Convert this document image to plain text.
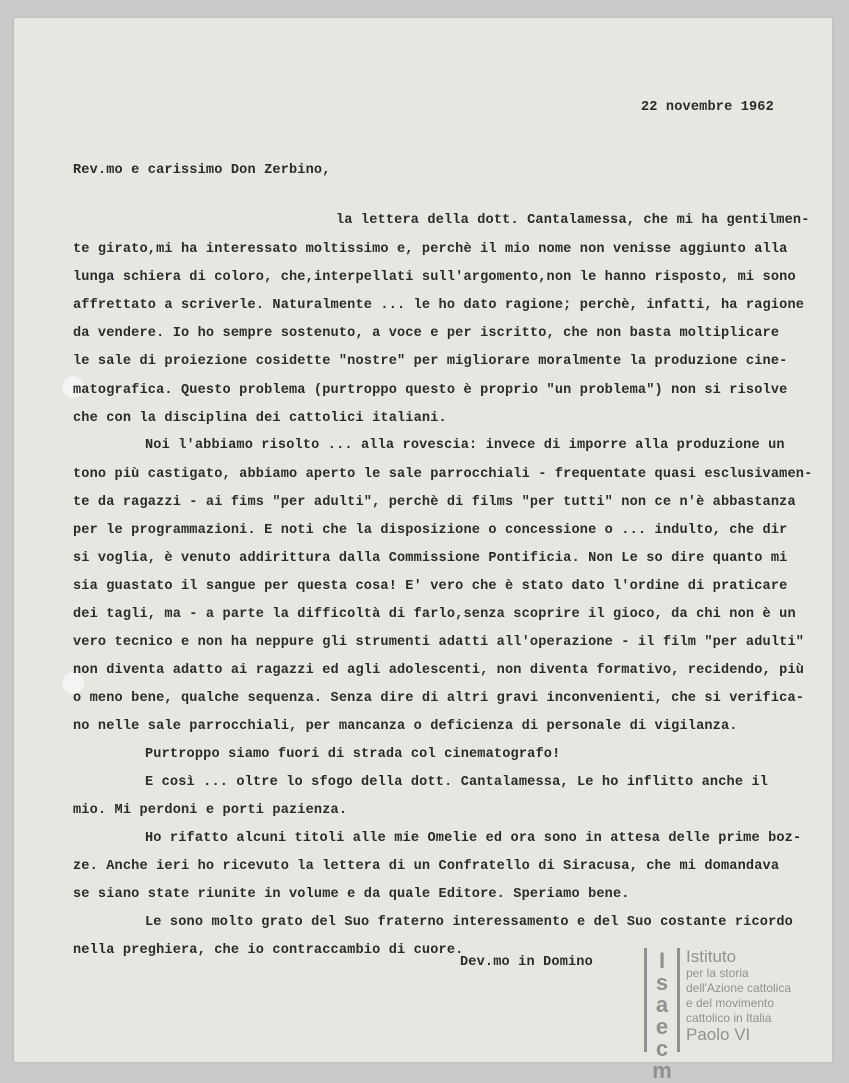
22 novembre 1962
Rev.mo e carissimo Don Zerbino,
la lettera della dott. Cantalamessa, che mi ha gentilmen-
te girato,mi ha interessato moltissimo e, perchè il mio nome non venisse aggiunto alla
lunga schiera di coloro, che,interpellati sull'argomento,non le hanno risposto, mi sono
affrettato a scriverle. Naturalmente ... le ho dato ragione; perchè, infatti, ha ragione
da vendere. Io ho sempre sostenuto, a voce e per iscritto, che non basta moltiplicare
le sale di proiezione cosidette "nostre" per migliorare moralmente la produzione cine-
matografica. Questo problema (purtroppo questo è proprio "un problema") non si risolve
che con la disciplina dei cattolici italiani.
Noi l'abbiamo risolto ... alla rovescia: invece di imporre alla produzione un
tono più castigato, abbiamo aperto le sale parrocchiali - frequentate quasi esclusivamen-
te da ragazzi - ai fims "per adulti", perchè di films "per tutti" non ce n'è abbastanza
per le programmazioni. E noti che la disposizione o concessione o ... indulto, che dir
si voglia, è venuto addirittura dalla Commissione Pontificia. Non Le so dire quanto mi
sia guastato il sangue per questa cosa! E' vero che è stato dato l'ordine di praticare
dei tagli, ma - a parte la difficoltà di farlo,senza scoprire il gioco, da chi non è un
vero tecnico e non ha neppure gli strumenti adatti all'operazione - il film "per adulti"
non diventa adatto ai ragazzi ed agli adolescenti, non diventa formativo, recidendo, più
o meno bene, qualche sequenza. Senza dire di altri gravi inconvenienti, che si verifica-
no nelle sale parrocchiali, per mancanza o deficienza di personale di vigilanza.
Purtroppo siamo fuori di strada col cinematografo!
E così ... oltre lo sfogo della dott. Cantalamessa, Le ho inflitto anche il
mio. Mi perdoni e porti pazienza.
Ho rifatto alcuni titoli alle mie Omelie ed ora sono in attesa delle prime boz-
ze. Anche ieri ho ricevuto la lettera di un Confratello di Siracusa, che mi domandava
se siano state riunite in volume e da quale Editore. Speriamo bene.
Le sono molto grato del Suo fraterno interessamento e del Suo costante ricordo
nella preghiera, che io contraccambio di cuore.
Dev.mo in Domino	I
s
a
e
c
m
Istituto
per la storia
dell'Azione cattolica
e del movimento
cattolico in Italia
Paolo VI
